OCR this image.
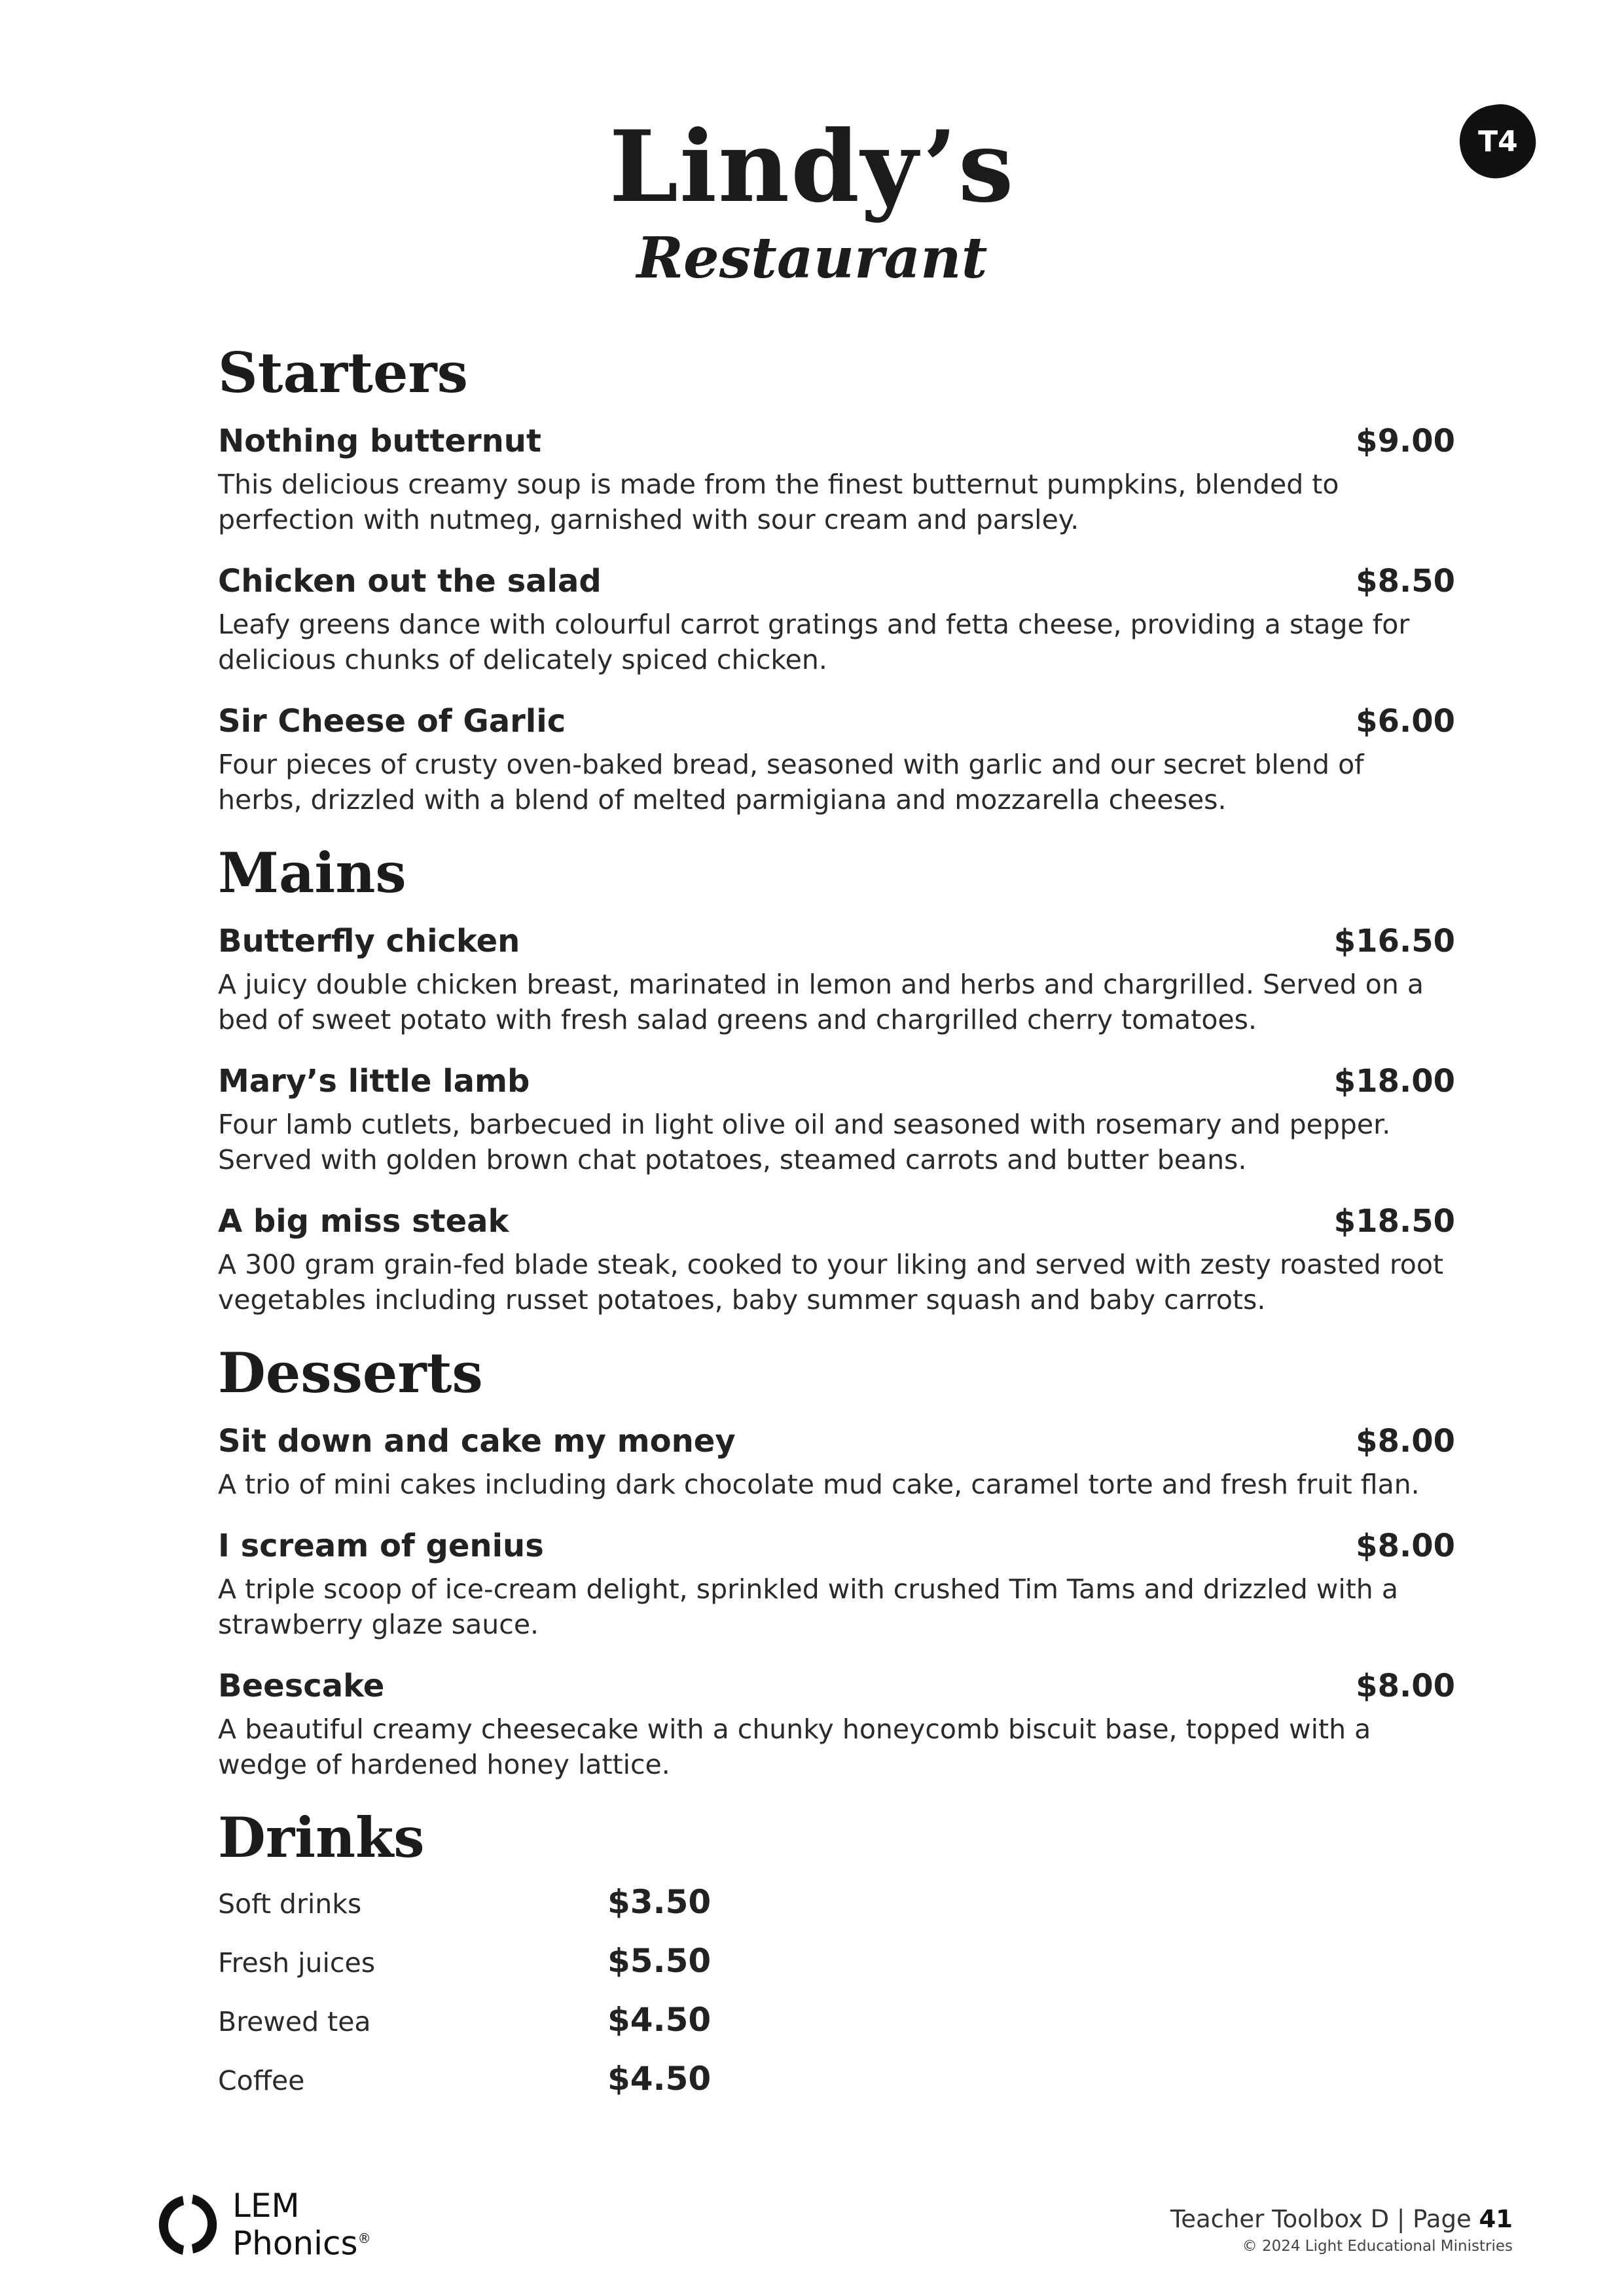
Lindy’s
Restaurant
T4
Starters
Nothing butternut	$9.00
This delicious creamy soup is made from the finest butternut pumpkins, blended to perfection with nutmeg, garnished with sour cream and parsley.
Chicken out the salad	$8.50
Leafy greens dance with colourful carrot gratings and fetta cheese, providing a stage for delicious chunks of delicately spiced chicken.
Sir Cheese of Garlic	$6.00
Four pieces of crusty oven-baked bread, seasoned with garlic and our secret blend of herbs, drizzled with a blend of melted parmigiana and mozzarella cheeses.
Mains
Butterfly chicken	$16.50
A juicy double chicken breast, marinated in lemon and herbs and chargrilled. Served on a bed of sweet potato with fresh salad greens and chargrilled cherry tomatoes.
Mary’s little lamb	$18.00
Four lamb cutlets, barbecued in light olive oil and seasoned with rosemary and pepper. Served with golden brown chat potatoes, steamed carrots and butter beans.
A big miss steak	$18.50
A 300 gram grain-fed blade steak, cooked to your liking and served with zesty roasted root vegetables including russet potatoes, baby summer squash and baby carrots.
Desserts
Sit down and cake my money	$8.00
A trio of mini cakes including dark chocolate mud cake, caramel torte and fresh fruit flan.
I scream of genius	$8.00
A triple scoop of ice-cream delight, sprinkled with crushed Tim Tams and drizzled with a strawberry glaze sauce.
Beescake	$8.00
A beautiful creamy cheesecake with a chunky honeycomb biscuit base, topped with a wedge of hardened honey lattice.
Drinks
Soft drinks	$3.50
Fresh juices	$5.50
Brewed tea	$4.50
Coffee	$4.50
LEM
Phonics®
Teacher Toolbox D | Page 41
© 2024 Light Educational Ministries
